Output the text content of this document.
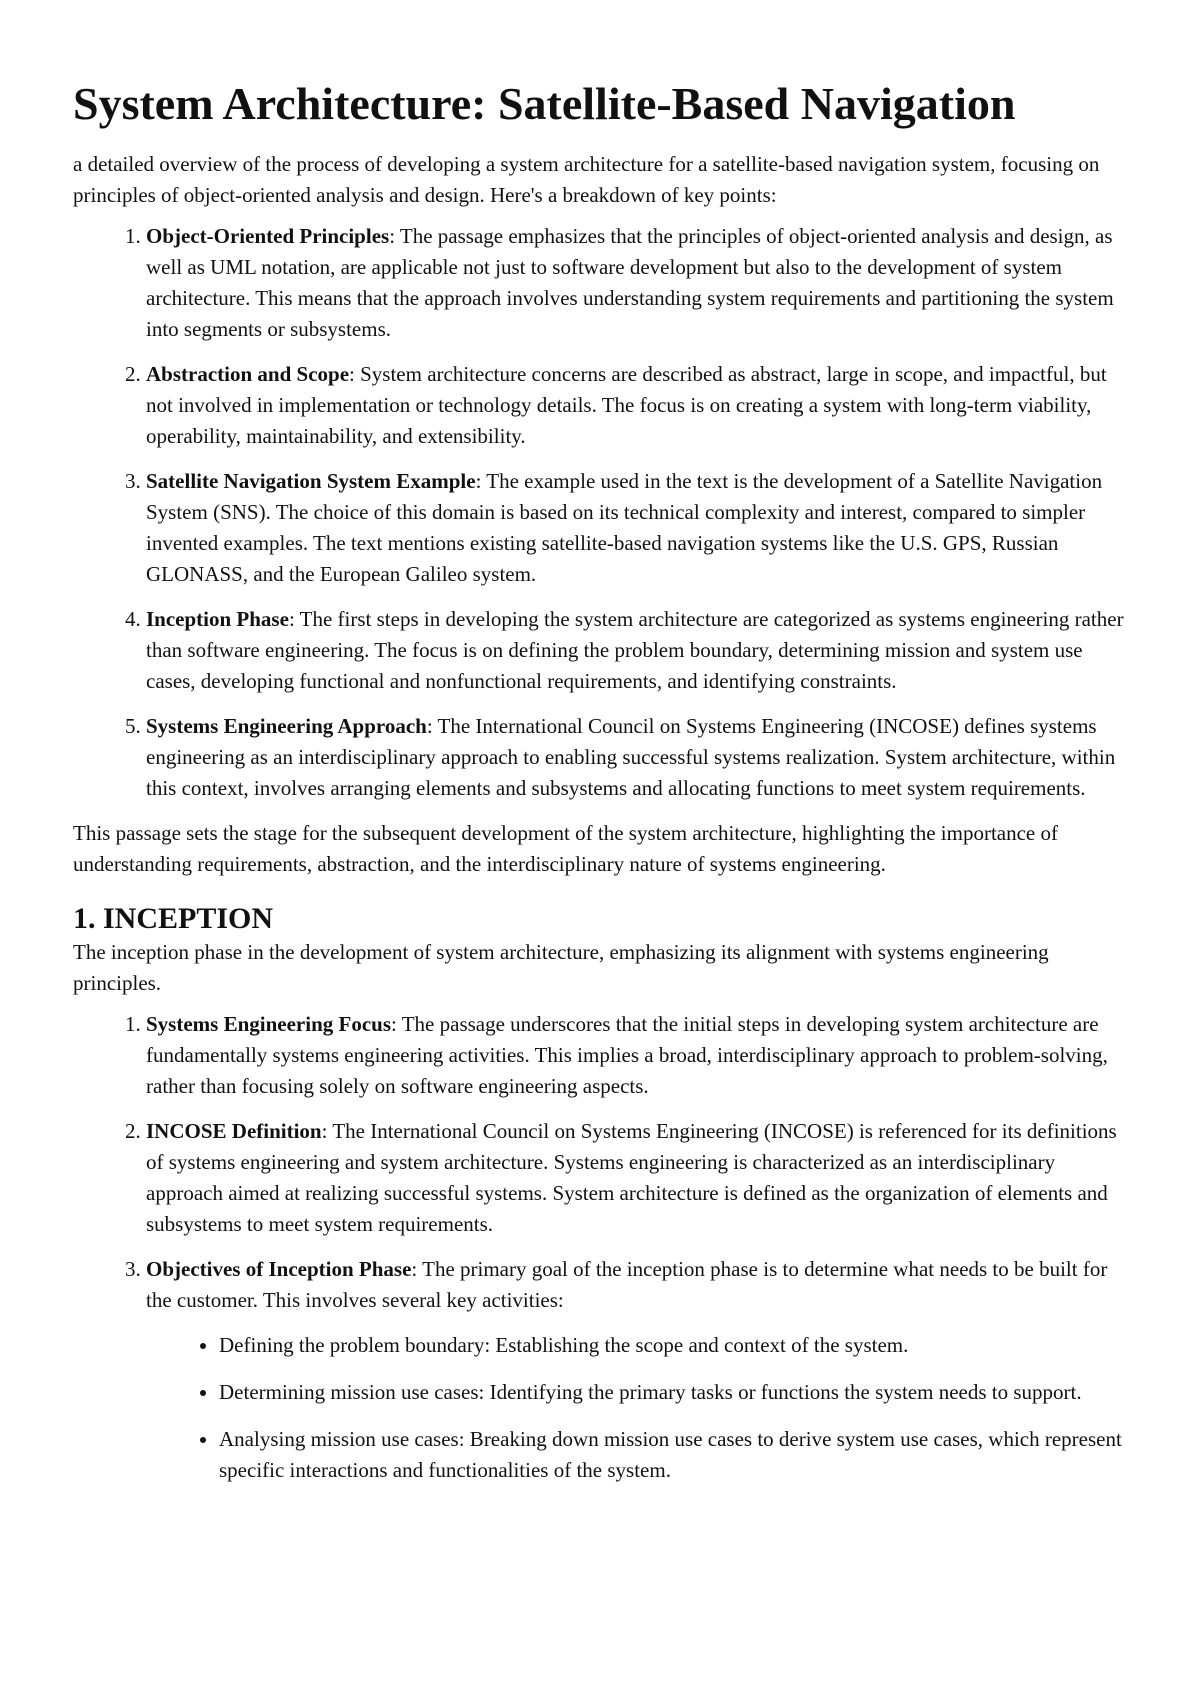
System Architecture: Satellite-Based Navigation

a detailed overview of the process of developing a system architecture for a satellite-based navigation system, focusing on principles of object-oriented analysis and design. Here's a breakdown of key points:

1. Object-Oriented Principles: The passage emphasizes that the principles of object-oriented analysis and design, as well as UML notation, are applicable not just to software development but also to the development of system architecture. This means that the approach involves understanding system requirements and partitioning the system into segments or subsystems.
2. Abstraction and Scope: System architecture concerns are described as abstract, large in scope, and impactful, but not involved in implementation or technology details. The focus is on creating a system with long-term viability, operability, maintainability, and extensibility.
3. Satellite Navigation System Example: The example used in the text is the development of a Satellite Navigation System (SNS). The choice of this domain is based on its technical complexity and interest, compared to simpler invented examples. The text mentions existing satellite-based navigation systems like the U.S. GPS, Russian GLONASS, and the European Galileo system.
4. Inception Phase: The first steps in developing the system architecture are categorized as systems engineering rather than software engineering. The focus is on defining the problem boundary, determining mission and system use cases, developing functional and nonfunctional requirements, and identifying constraints.
5. Systems Engineering Approach: The International Council on Systems Engineering (INCOSE) defines systems engineering as an interdisciplinary approach to enabling successful systems realization. System architecture, within this context, involves arranging elements and subsystems and allocating functions to meet system requirements.

This passage sets the stage for the subsequent development of the system architecture, highlighting the importance of understanding requirements, abstraction, and the interdisciplinary nature of systems engineering.

1. INCEPTION

The inception phase in the development of system architecture, emphasizing its alignment with systems engineering principles.

1. Systems Engineering Focus: The passage underscores that the initial steps in developing system architecture are fundamentally systems engineering activities. This implies a broad, interdisciplinary approach to problem-solving, rather than focusing solely on software engineering aspects.
2. INCOSE Definition: The International Council on Systems Engineering (INCOSE) is referenced for its definitions of systems engineering and system architecture. Systems engineering is characterized as an interdisciplinary approach aimed at realizing successful systems. System architecture is defined as the organization of elements and subsystems to meet system requirements.
3. Objectives of Inception Phase: The primary goal of the inception phase is to determine what needs to be built for the customer. This involves several key activities:
• Defining the problem boundary: Establishing the scope and context of the system.
• Determining mission use cases: Identifying the primary tasks or functions the system needs to support.
• Analysing mission use cases: Breaking down mission use cases to derive system use cases, which represent specific interactions and functionalities of the system.
